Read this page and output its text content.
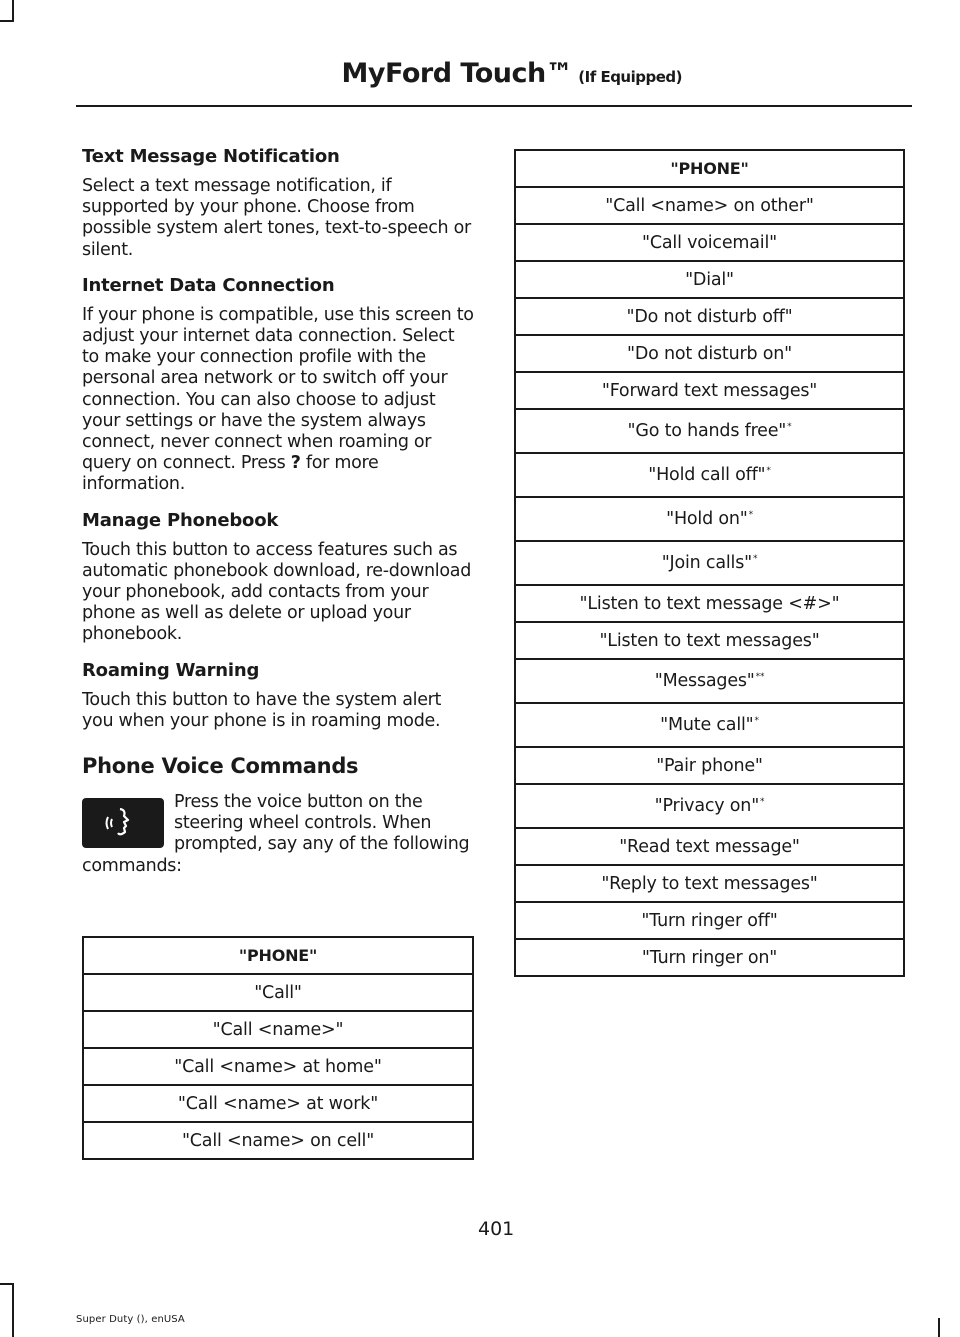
MyFord Touch™ (If Equipped)
Text Message Notification

Select a text message notification, if supported by your phone. Choose from possible system alert tones, text-to-speech or silent.

Internet Data Connection

If your phone is compatible, use this screen to adjust your internet data connection. Select to make your connection profile with the personal area network or to switch off your connection. You can also choose to adjust your settings or have the system always connect, never connect when roaming or query on connect. Press ? for more information.

Manage Phonebook

Touch this button to access features such as automatic phonebook download, re-download your phonebook, add contacts from your phone as well as delete or upload your phonebook.

Roaming Warning

Touch this button to have the system alert you when your phone is in roaming mode.

Phone Voice Commands
Press the voice button on the steering wheel controls. When prompted, say any of the following commands:
"PHONE"
"Call"
"Call <name>"
"Call <name> at home"
"Call <name> at work"
"Call <name> on cell"
"PHONE"
"Call <name> on other"
"Call voicemail"
"Dial"
"Do not disturb off"
"Do not disturb on"
"Forward text messages"
"Go to hands free"*
"Hold call off"*
"Hold on"*
"Join calls"*
"Listen to text message <#>"
"Listen to text messages"
"Messages"**
"Mute call"*
"Pair phone"
"Privacy on"*
"Read text message"
"Reply to text messages"
"Turn ringer off"
"Turn ringer on"
401
Super Duty (), enUSA
